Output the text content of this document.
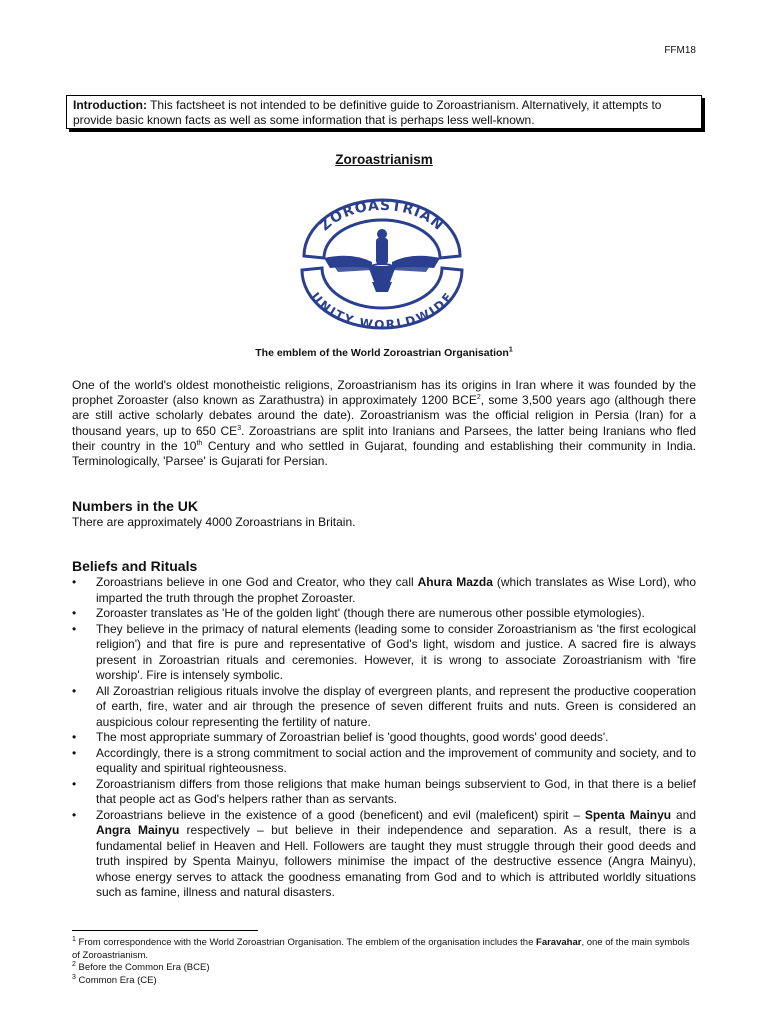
FFM18
Introduction: This factsheet is not intended to be definitive guide to Zoroastrianism. Alternatively, it attempts to provide basic known facts as well as some information that is perhaps less well-known.
Zoroastrianism
ZOROASTRIAN
UNITY WORLDWIDE
The emblem of the World Zoroastrian Organisation$^1$
One of the world's oldest monotheistic religions, Zoroastrianism has its origins in Iran where it was founded by the prophet Zoroaster (also known as Zarathustra) in approximately 1200 BCE$^2$, some 3,500 years ago (although there are still active scholarly debates around the date). Zoroastrianism was the official religion in Persia (Iran) for a thousand years, up to 650 $CE^3$. Zoroastrians are split into Iranians and Parsees, the latter being Iranians who fled their country in the 10th Century and who settled in Gujarat, founding and establishing their community in India. Terminologically, 'Parsee' is Gujarati for Persian.
Numbers in the UK
There are approximately 4000 Zoroastrians in Britain.
Beliefs and Rituals
• Zoroastrians believe in one God and Creator, who they call Ahura Mazda (which translates as Wise Lord), who imparted the truth through the prophet Zoroaster.
• Zoroaster translates as 'He of the golden light' (though there are numerous other possible etymologies).
• They believe in the primacy of natural elements (leading some to consider Zoroastrianism as 'the first ecological religion') and that fire is pure and representative of God's light, wisdom and justice. A sacred fire is always present in Zoroastrian rituals and ceremonies. However, it is wrong to associate Zoroastrianism with 'fire worship'. Fire is intensely symbolic.
• All Zoroastrian religious rituals involve the display of evergreen plants, and represent the productive cooperation of earth, fire, water and air through the presence of seven different fruits and nuts. Green is considered an auspicious colour representing the fertility of nature.
• The most appropriate summary of Zoroastrian belief is 'good thoughts, good words' good deeds'.
• Accordingly, there is a strong commitment to social action and the improvement of community and society, and to equality and spiritual righteousness.
• Zoroastrianism differs from those religions that make human beings subservient to God, in that there is a belief that people act as God's helpers rather than as servants.
• Zoroastrians believe in the existence of a good (beneficent) and evil (maleficent) spirit – Spenta Mainyu and Angra Mainyu respectively – but believe in their independence and separation. As a result, there is a fundamental belief in Heaven and Hell. Followers are taught they must struggle through their good deeds and truth inspired by Spenta Mainyu, followers minimise the impact of the destructive essence (Angra Mainyu), whose energy serves to attack the goodness emanating from God and to which is attributed worldly situations such as famine, illness and natural disasters.
$^1$ From correspondence with the World Zoroastrian Organisation. The emblem of the organisation includes the Faravahar, one of the main symbols of Zoroastrianism.
$^2$ Before the Common Era (BCE)
$^3$ Common Era (CE)
